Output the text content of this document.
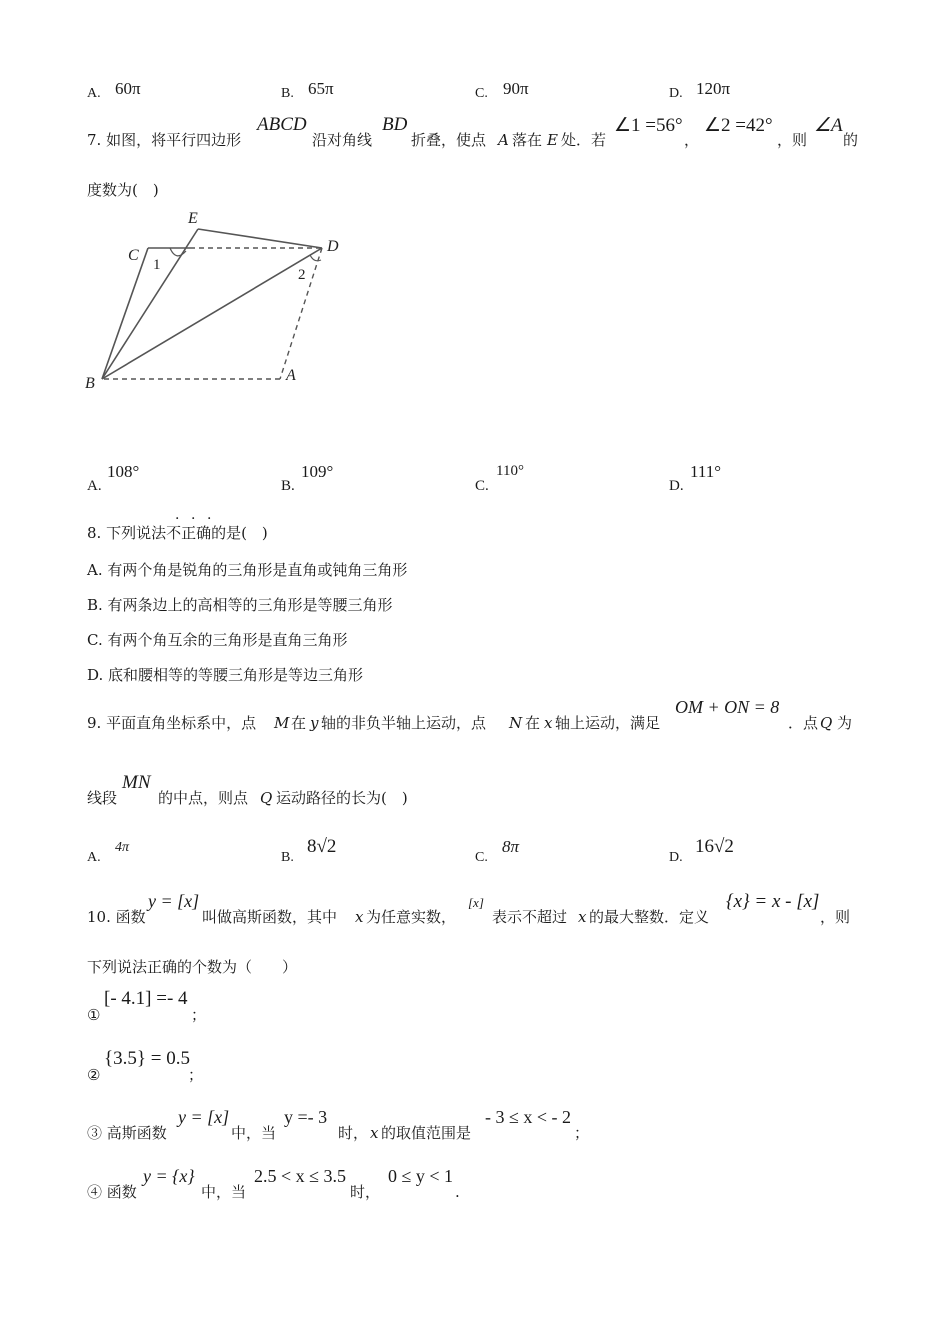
A. 60π	B. 65π	C. 90π	D. 120π
7. 如图，将平行四边形
ABCD
沿对角线
BD
折叠，使点 A 落在 E 处．若
∠1 =56°
，
∠2 =42°
，则
∠A
的
度数为(　)
E
C
D
B	A
1
2
A.
108°
B.
109°
C.
110°
D.
111°
· · ·
8. 下列说法不正确的是(　)
A. 有两个角是锐角的三角形是直角或钝角三角形
B. 有两条边上的高相等的三角形是等腰三角形
C. 有两个角互余的三角形是直角三角形
D. 底和腰相等的等腰三角形是等边三角形
9. 平面直角坐标系中，点 M 在 y 轴的非负半轴上运动，点 N 在 x 轴上运动，满足
OM + ON = 8
．点 Q 为
线段
MN
的中点，则点 Q 运动路径的长为(　)
A.
4π
B.
8√2
C.
8π
D.
16√2
10. 函数
y = [x]
叫做高斯函数，其中 x 为任意实数，
[x]
表示不超过 x 的最大整数．定义
{x} = x - [x]
，则
下列说法正确的个数为（　　）
①
[- 4.1] =- 4
；
②
{3.5} = 0.5
；
③ 高斯函数
y = [x]
中，当
y =- 3
时， x 的取值范围是
- 3 ≤ x < - 2
；
④ 函数
y = {x}
中，当
2.5 < x ≤ 3.5
时，
0 ≤ y < 1
.
